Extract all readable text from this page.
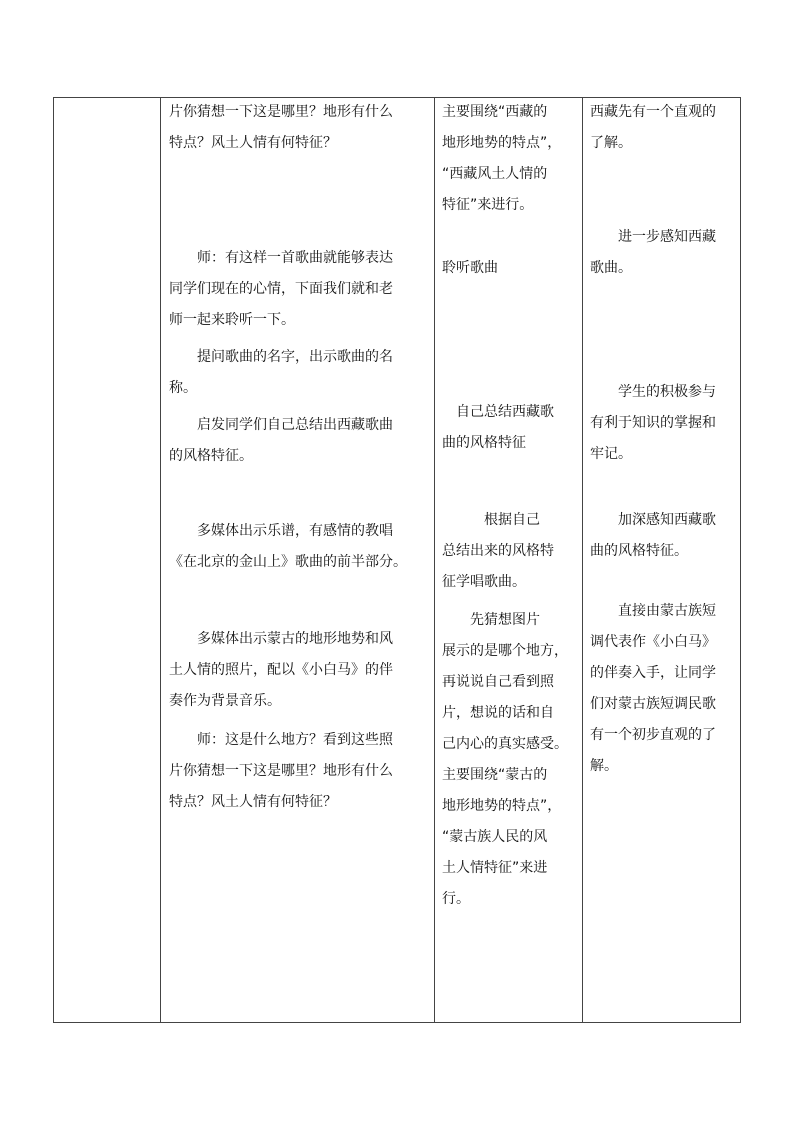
片你猜想一下这是哪里？地形有什么
特点？风土人情有何特征？
　　师：有这样一首歌曲就能够表达
同学们现在的心情，下面我们就和老
师一起来聆听一下。
　　提问歌曲的名字，出示歌曲的名
称。
　　启发同学们自己总结出西藏歌曲
的风格特征。
　　多媒体出示乐谱，有感情的教唱
《在北京的金山上》歌曲的前半部分。
　　多媒体出示蒙古的地形地势和风
土人情的照片，配以《小白马》的伴
奏作为背景音乐。
　　师：这是什么地方？看到这些照
片你猜想一下这是哪里？地形有什么
特点？风土人情有何特征？
主要围绕“西藏的
地形地势的特点”，
“西藏风土人情的
特征”来进行。
聆听歌曲
　自己总结西藏歌
曲的风格特征
　　　根据自己
总结出来的风格特
征学唱歌曲。
　　先猜想图片
展示的是哪个地方，
再说说自己看到照
片，想说的话和自
己内心的真实感受。
主要围绕“蒙古的
地形地势的特点”，
“蒙古族人民的风
土人情特征”来进
行。
西藏先有一个直观的
了解。
　　进一步感知西藏
歌曲。
　　学生的积极参与
有利于知识的掌握和
牢记。
　　加深感知西藏歌
曲的风格特征。
　　直接由蒙古族短
调代表作《小白马》
的伴奏入手，让同学
们对蒙古族短调民歌
有一个初步直观的了
解。
